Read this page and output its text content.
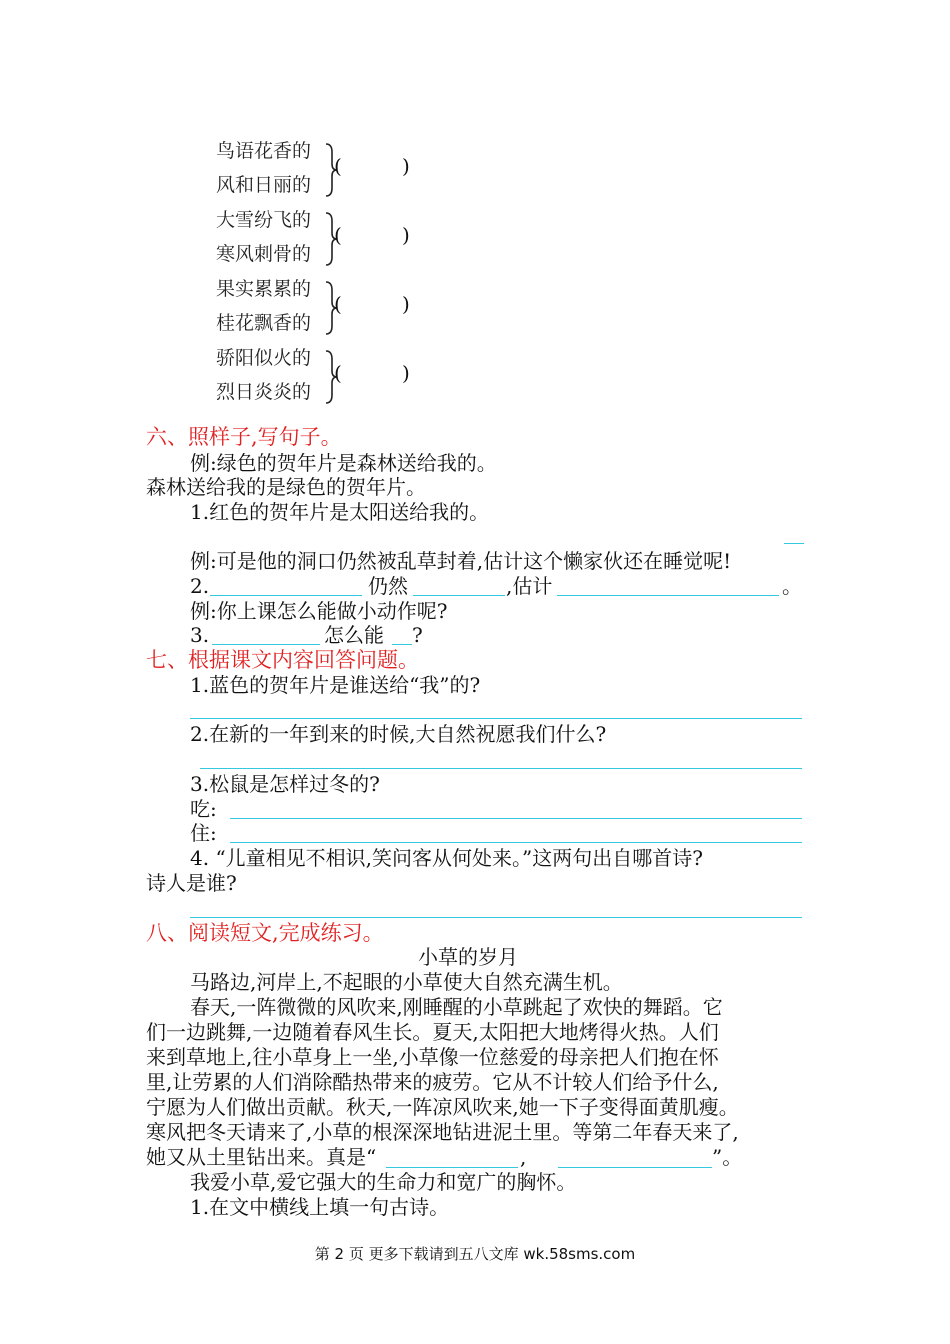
鸟语花香的
风和日丽的
(	)
大雪纷飞的
寒风刺骨的
(	)
果实累累的
桂花飘香的
(	)
骄阳似火的
烈日炎炎的
(	)
六、照样子,写句子。
例:绿色的贺年片是森林送给我的。
森林送给我的是绿色的贺年片。
1.红色的贺年片是太阳送给我的。
例:可是他的洞口仍然被乱草封着,估计这个懒家伙还在睡觉呢!
2.	仍然	,估计	。
例:你上课怎么能做小动作呢?
3.	怎么能 ?
七、根据课文内容回答问题。
1.蓝色的贺年片是谁送给“我”的?
2.在新的一年到来的时候,大自然祝愿我们什么?
3.松鼠是怎样过冬的?
吃:
住:
4. “儿童相见不相识,笑问客从何处来。”这两句出自哪首诗?
诗人是谁?
八、阅读短文,完成练习。
小草的岁月
马路边,河岸上,不起眼的小草使大自然充满生机。
春天,一阵微微的风吹来,刚睡醒的小草跳起了欢快的舞蹈。它
们一边跳舞,一边随着春风生长。夏天,太阳把大地烤得火热。人们
来到草地上,往小草身上一坐,小草像一位慈爱的母亲把人们抱在怀
里,让劳累的人们消除酷热带来的疲劳。它从不计较人们给予什么,
宁愿为人们做出贡献。秋天,一阵凉风吹来,她一下子变得面黄肌瘦。
寒风把冬天请来了,小草的根深深地钻进泥土里。等第二年春天来了,
她又从土里钻出来。真是“	,	”。
我爱小草,爱它强大的生命力和宽广的胸怀。
1.在文中横线上填一句古诗。
第 2 页 更多下载请到五八文库 wk.58sms.com
